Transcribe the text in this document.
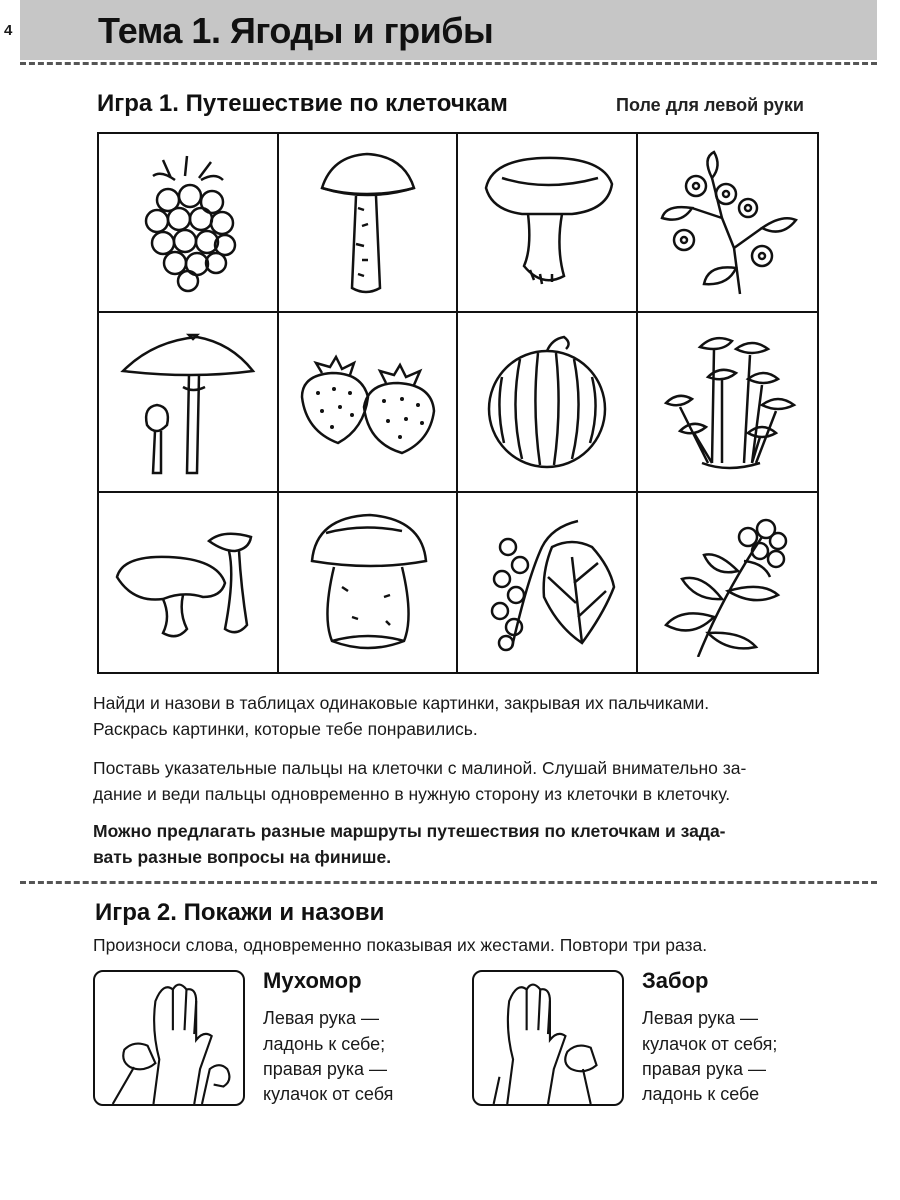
4 Тема 1. Ягоды и грибы
Игра 1. Путешествие по клеточкам	Поле для левой руки
Найди и назови в таблицах одинаковые картинки, закрывая их пальчиками.
Раскрась картинки, которые тебе понравились.
Поставь указательные пальцы на клеточки с малиной. Слушай внимательно за-
дание и веди пальцы одновременно в нужную сторону из клеточки в клеточку.
Можно предлагать разные маршруты путешествия по клеточкам и зада-
вать разные вопросы на финише.
Игра 2. Покажи и назови
Произноси слова, одновременно показывая их жестами. Повтори три раза.
Мухомор
Левая рука —
ладонь к себе;
правая рука —
кулачок от себя
Забор
Левая рука —
кулачок от себя;
правая рука —
ладонь к себе
